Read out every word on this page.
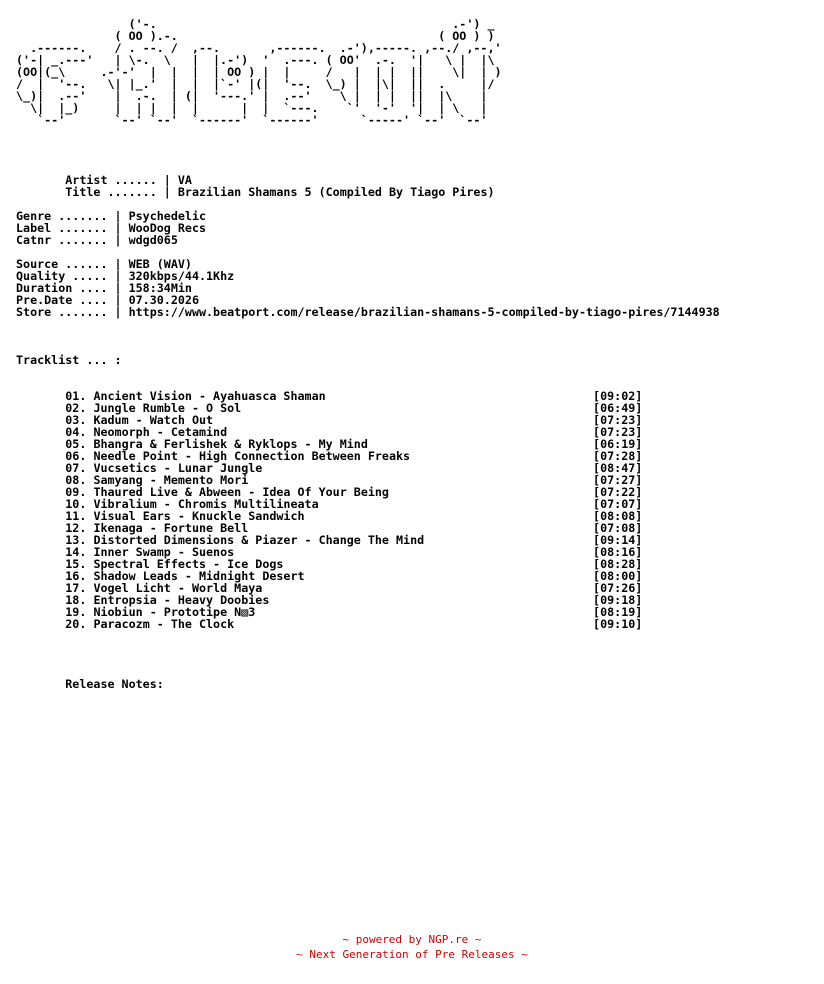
('-.                                          .-') _
( OO ).-.                                     ( OO ) )
.------.    / . --. /  ,--.       ,------.  .-'),-----. ,--./ ,--,'
('-| _.---'   | \-.  \   |  |.-')  '  .---. ( OO'  .-.  '|   \ |  |\
(OO|(_\     .-'-'  |  |  |  | OO ) |  |     /   |  | |  ||    \|  | )
/  |  '--.   \| |_.'  |  |  |`-' |(|  '--.  \_) |  |\|  ||  .     |/
\_)|  .--'    |  .-.  | (|  '---.' |  .--'    \ |  | |  ||  |\    |
\|  |_)     |  | |  |  |      |  |  `---.    `'  '-'  '|  | \   |
`--'       `--' `--'  `------'  `------'      `-----' `--'  `--'

Artist ...... | VA
Title ....... | Brazilian Shamans 5 (Compiled By Tiago Pires)

Genre ....... | Psychedelic
Label ....... | WooDog Recs
Catnr ....... | wdgd065

Source ...... | WEB (WAV)
Quality ..... | 320kbps/44.1Khz
Duration .... | 158:34Min
Pre.Date .... | 07.30.2026
Store ....... | https://www.beatport.com/release/brazilian-shamans-5-compiled-by-tiago-pires/7144938

Tracklist ... :

01. Ancient Vision - Ayahuasca Shaman	[09:02]
02. Jungle Rumble - O Sol	[06:49]
03. Kadum - Watch Out	[07:23]
04. Neomorph - Cetamind	[07:23]
05. Bhangra & Ferlishek & Ryklops - My Mind	[06:19]
06. Needle Point - High Connection Between Freaks	[07:28]
07. Vucsetics - Lunar Jungle	[08:47]
08. Samyang - Memento Mori	[07:27]
09. Thaured Live & Abween - Idea Of Your Being	[07:22]
10. Vibralium - Chromis Multilineata	[07:07]
11. Visual Ears - Knuckle Sandwich	[08:08]
12. Ikenaga - Fortune Bell	[07:08]
13. Distorted Dimensions & Piazer - Change The Mind	[09:14]
14. Inner Swamp - Suenos	[08:16]
15. Spectral Effects - Ice Dogs	[08:28]
16. Shadow Leads - Midnight Desert	[08:00]
17. Vogel Licht - World Maya	[07:26]
18. Entropsia - Heavy Doobies	[09:18]
19. Niobiun - Prototipe N▧3	[08:19]
20. Paracozm - The Clock	[09:10]

Release Notes:

~ powered by NGP.re ~
~ Next Generation of Pre Releases ~
